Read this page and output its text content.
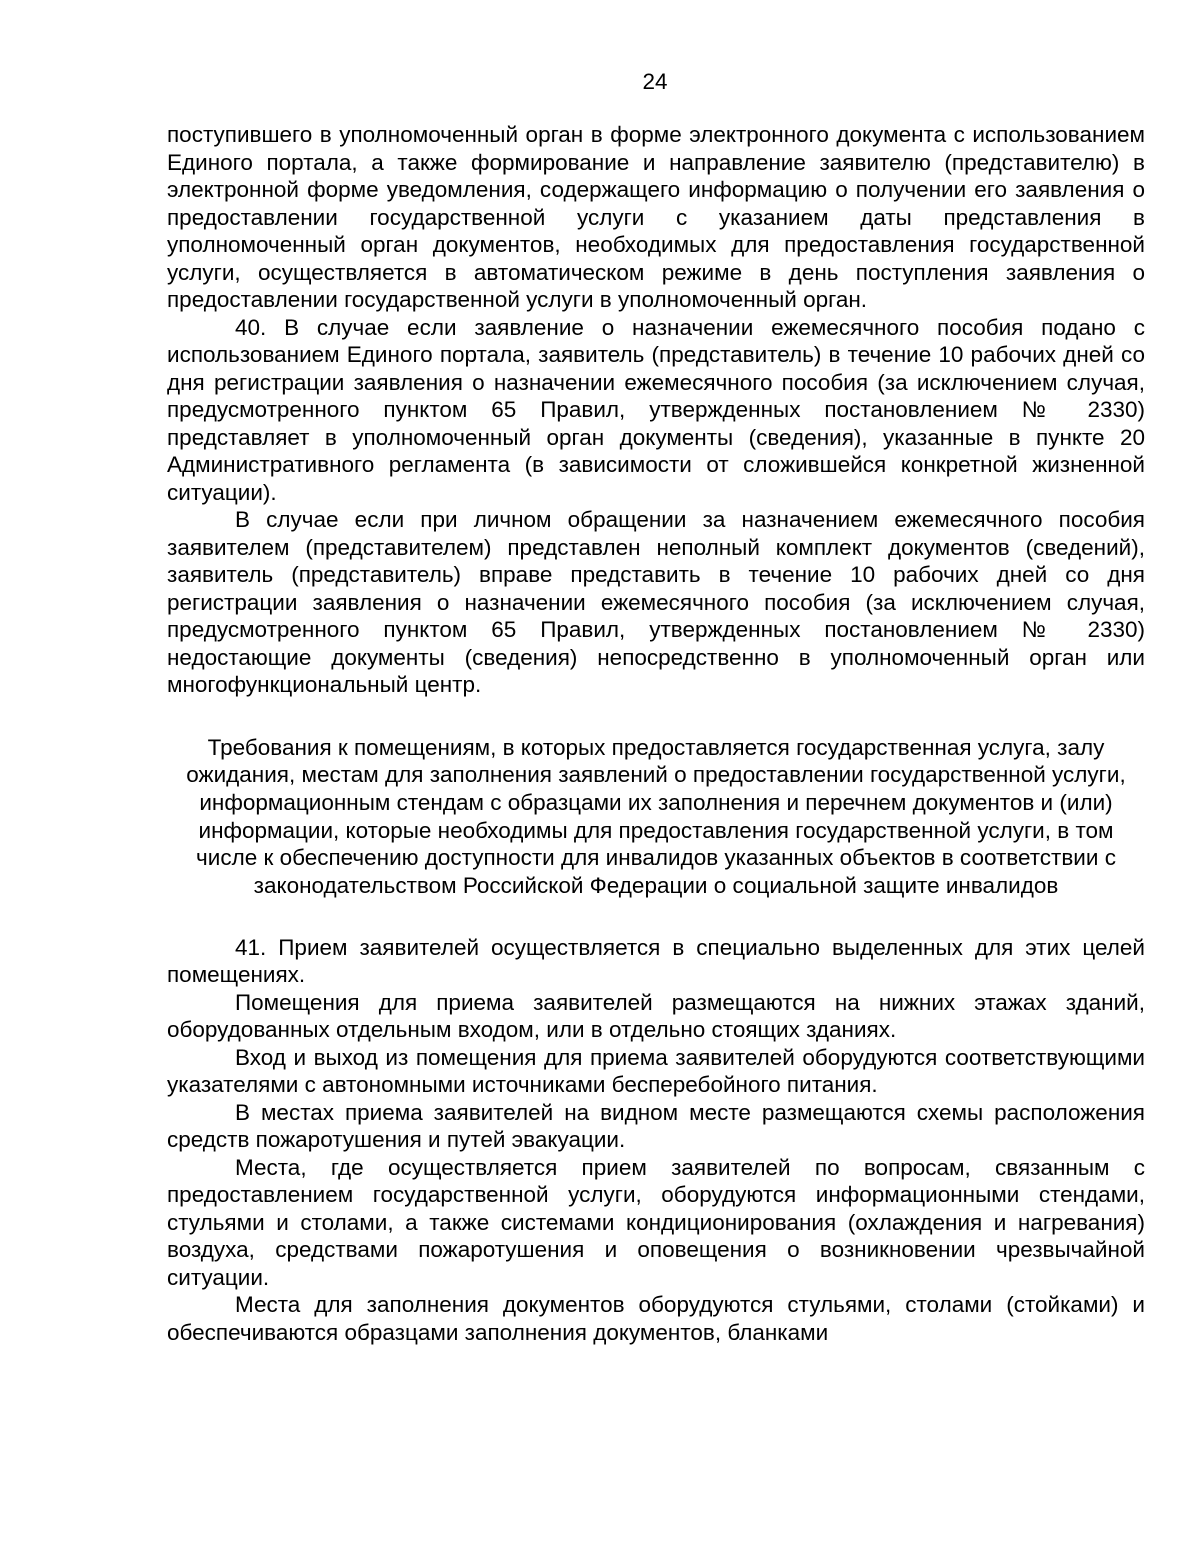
24

поступившего в уполномоченный орган в форме электронного документа с использованием Единого портала, а также формирование и направление заявителю (представителю) в электронной форме уведомления, содержащего информацию о получении его заявления о предоставлении государственной услуги с указанием даты представления в уполномоченный орган документов, необходимых для предоставления государственной услуги, осуществляется в автоматическом режиме в день поступления заявления о предоставлении государственной услуги в уполномоченный орган.

40. В случае если заявление о назначении ежемесячного пособия подано с использованием Единого портала, заявитель (представитель) в течение 10 рабочих дней со дня регистрации заявления о назначении ежемесячного пособия (за исключением случая, предусмотренного пунктом 65 Правил, утвержденных постановлением № 2330) представляет в уполномоченный орган документы (сведения), указанные в пункте 20 Административного регламента (в зависимости от сложившейся конкретной жизненной ситуации).

В случае если при личном обращении за назначением ежемесячного пособия заявителем (представителем) представлен неполный комплект документов (сведений), заявитель (представитель) вправе представить в течение 10 рабочих дней со дня регистрации заявления о назначении ежемесячного пособия (за исключением случая, предусмотренного пунктом 65 Правил, утвержденных постановлением № 2330) недостающие документы (сведения) непосредственно в уполномоченный орган или многофункциональный центр.

Требования к помещениям, в которых предоставляется государственная услуга, залу ожидания, местам для заполнения заявлений о предоставлении государственной услуги, информационным стендам с образцами их заполнения и перечнем документов и (или) информации, которые необходимы для предоставления государственной услуги, в том числе к обеспечению доступности для инвалидов указанных объектов в соответствии с законодательством Российской Федерации о социальной защите инвалидов

41. Прием заявителей осуществляется в специально выделенных для этих целей помещениях.

Помещения для приема заявителей размещаются на нижних этажах зданий, оборудованных отдельным входом, или в отдельно стоящих зданиях.

Вход и выход из помещения для приема заявителей оборудуются соответствующими указателями с автономными источниками бесперебойного питания.

В местах приема заявителей на видном месте размещаются схемы расположения средств пожаротушения и путей эвакуации.

Места, где осуществляется прием заявителей по вопросам, связанным с предоставлением государственной услуги, оборудуются информационными стендами, стульями и столами, а также системами кондиционирования (охлаждения и нагревания) воздуха, средствами пожаротушения и оповещения о возникновении чрезвычайной ситуации.

Места для заполнения документов оборудуются стульями, столами (стойками) и обеспечиваются образцами заполнения документов, бланками
